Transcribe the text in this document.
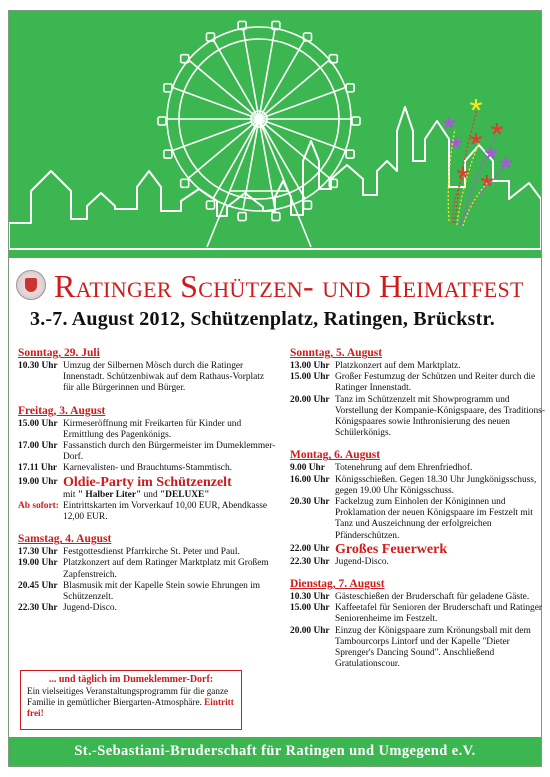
Ratinger Schützen- und Heimatfest
3.-7. August 2012, Schützenplatz, Ratingen, Brückstr.
Sonntag, 29. Juli
10.30 Uhr Umzug der Silbernen Mösch durch die Ratinger Innenstadt. Schützenbiwak auf dem Rathaus-Vorplatz für alle Bürgerinnen und Bürger.
Freitag, 3. August
15.00 Uhr Kirmeseröffnung mit Freikarten für Kinder und Ermittlung des Pagenkönigs.
17.00 Uhr Fassanstich durch den Bürgermeister im Dumeklemmer-Dorf.
17.11 Uhr Karnevalisten- und Brauchtums-Stammtisch.
19.00 Uhr Oldie-Party im Schützenzelt
mit " Halber Liter" und "DELUXE"
Ab sofort: Eintrittskarten im Vorverkauf 10,00 EUR, Abendkasse 12,00 EUR.
Samstag, 4. August
17.30 Uhr Festgottesdienst Pfarrkirche St. Peter und Paul.
19.00 Uhr Platzkonzert auf dem Ratinger Marktplatz mit Großem Zapfenstreich.
20.45 Uhr Blasmusik mit der Kapelle Stein sowie Ehrungen im Schützenzelt.
22.30 Uhr Jugend-Disco.
Sonntag, 5. August
13.00 Uhr Platzkonzert auf dem Marktplatz.
15.00 Uhr Großer Festumzug der Schützen und Reiter durch die Ratinger Innenstadt.
20.00 Uhr Tanz im Schützenzelt mit Showprogramm und Vorstellung der Kompanie-Königspaare, des Traditions-Königspaares sowie Inthronisierung des neuen Schülerkönigs.
Montag, 6. August
9.00 Uhr	Totenehrung auf dem Ehrenfriedhof.
16.00 Uhr Königsschießen. Gegen 18.30 Uhr Jungkönigsschuss, gegen 19.00 Uhr Königsschuss.
20.30 Uhr Fackelzug zum Einholen der Königinnen und Proklamation der neuen Königspaare im Festzelt mit Tanz und Auszeichnung der erfolgreichen Pfänderschützen.
22.00 Uhr Großes Feuerwerk
22.30 Uhr Jugend-Disco.
Dienstag, 7. August
10.30 Uhr Gästeschießen der Bruderschaft für geladene Gäste.
15.00 Uhr Kaffeetafel für Senioren der Bruderschaft und Ratinger Seniorenheime im Festzelt.
20.00 Uhr Einzug der Königspaare zum Krönungsball mit dem Tambourcorps Lintorf und der Kapelle "Dieter Sprenger's Dancing Sound". Anschließend Gratulationscour.
... und täglich im Dumeklemmer-Dorf:
Ein vielseitiges Veranstaltungsprogramm für die ganze Familie in gemütlicher Biergarten-Atmosphäre. Eintritt frei!
St.-Sebastiani-Bruderschaft für Ratingen und Umgegend e.V.
